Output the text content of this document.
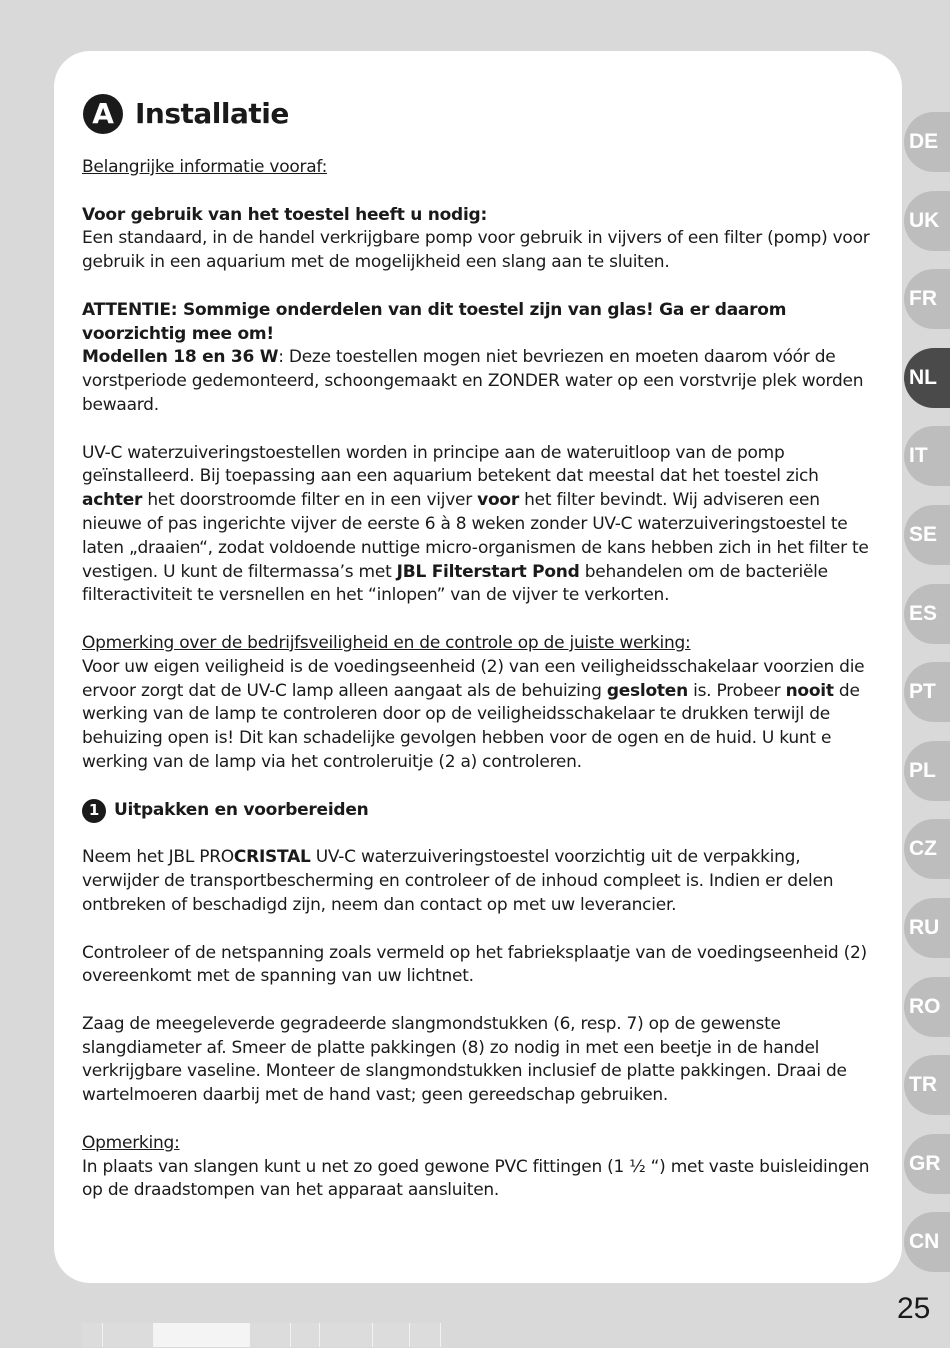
A Installatie

Belangrijke informatie vooraf:

Voor gebruik van het toestel heeft u nodig:

Een standaard, in de handel verkrijgbare pomp voor gebruik in vijvers of een filter (pomp) voor gebruik in een aquarium met de mogelijkheid een slang aan te sluiten.

ATTENTIE: Sommige onderdelen van dit toestel zijn van glas! Ga er daarom voorzichtig mee om!

Modellen 18 en 36 W: Deze toestellen mogen niet bevriezen en moeten daarom vóór de vorstperiode gedemonteerd, schoongemaakt en ZONDER water op een vorstvrije plek worden bewaard.

UV-C waterzuiveringstoestellen worden in principe aan de wateruitloop van de pomp geïnstalleerd. Bij toepassing aan een aquarium betekent dat meestal dat het toestel zich achter het doorstroomde filter en in een vijver voor het filter bevindt. Wij adviseren een nieuwe of pas ingerichte vijver de eerste 6 à 8 weken zonder UV-C waterzuiveringstoestel te laten „draaien“, zodat voldoende nuttige micro-organismen de kans hebben zich in het filter te vestigen. U kunt de filtermassa’s met JBL Filterstart Pond behandelen om de bacteriële filteractiviteit te versnellen en het “inlopen” van de vijver te verkorten.

Opmerking over de bedrijfsveiligheid en de controle op de juiste werking:

Voor uw eigen veiligheid is de voedingseenheid (2) van een veiligheidsschakelaar voorzien die ervoor zorgt dat de UV-C lamp alleen aangaat als de behuizing gesloten is. Probeer nooit de werking van de lamp te controleren door op de veiligheidsschakelaar te drukken terwijl de behuizing open is! Dit kan schadelijke gevolgen hebben voor de ogen en de huid. U kunt e werking van de lamp via het controleruitje (2 a) controleren.

1 Uitpakken en voorbereiden

Neem het JBL PROCRISTAL UV-C waterzuiveringstoestel voorzichtig uit de verpakking, verwijder de transportbescherming en controleer of de inhoud compleet is. Indien er delen ontbreken of beschadigd zijn, neem dan contact op met uw leverancier.

Controleer of de netspanning zoals vermeld op het fabrieksplaatje van de voedingseenheid (2) overeenkomt met de spanning van uw lichtnet.

Zaag de meegeleverde gegradeerde slangmondstukken (6, resp. 7) op de gewenste slangdiameter af. Smeer de platte pakkingen (8) zo nodig in met een beetje in de handel verkrijgbare vaseline. Monteer de slangmondstukken inclusief de platte pakkingen. Draai de wartelmoeren daarbij met de hand vast; geen gereedschap gebruiken.

Opmerking:

In plaats van slangen kunt u net zo goed gewone PVC fittingen (1 ½ “) met vaste buisleidingen op de draadstompen van het apparaat aansluiten.

DE
UK
FR
NL
IT
SE
ES
PT
PL
CZ
RU
RO
TR
GR
CN
25
